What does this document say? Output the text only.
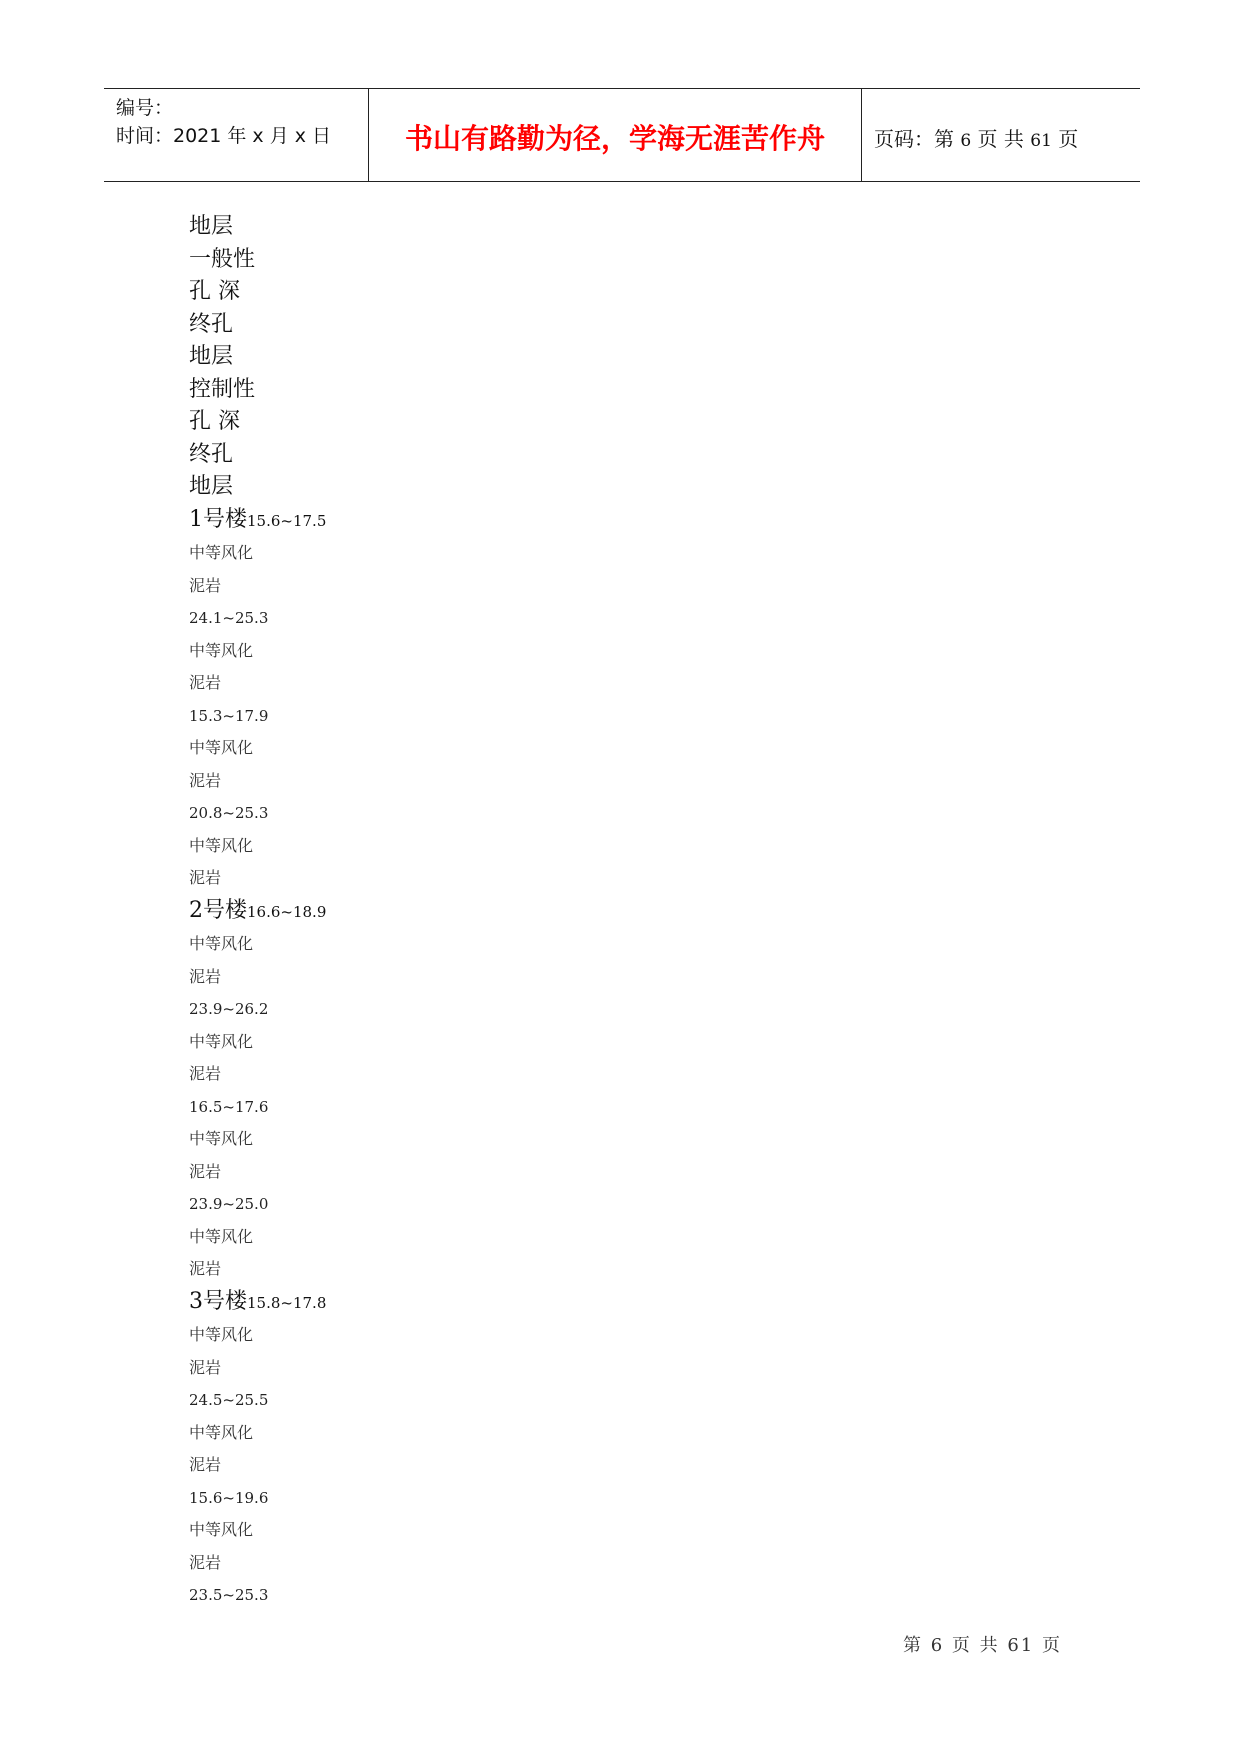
编号：
时间：2021 年 x 月 x 日	书山有路勤为径，学海无涯苦作舟	页码：第 6 页 共 61 页
地层
一般性
孔 深
终孔
地层
控制性
孔 深
终孔
地层
1号楼15.6~17.5
中等风化
泥岩
24.1~25.3
中等风化
泥岩
15.3~17.9
中等风化
泥岩
20.8~25.3
中等风化
泥岩
2号楼16.6~18.9
中等风化
泥岩
23.9~26.2
中等风化
泥岩
16.5~17.6
中等风化
泥岩
23.9~25.0
中等风化
泥岩
3号楼15.8~17.8
中等风化
泥岩
24.5~25.5
中等风化
泥岩
15.6~19.6
中等风化
泥岩
23.5~25.3
第 6 页 共 61 页
